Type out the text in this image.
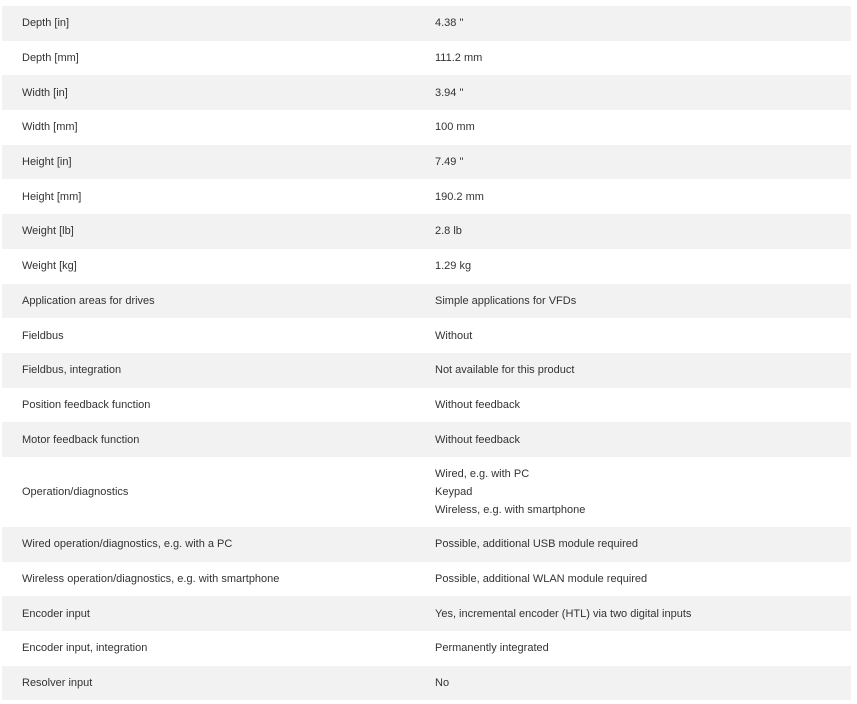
Depth [in]	4.38 "

Depth [mm]	111.2 mm

Width [in]	3.94 "

Width [mm]	100 mm

Height [in]	7.49 "

Height [mm]	190.2 mm

Weight [lb]	2.8 lb

Weight [kg]	1.29 kg

Application areas for drives	Simple applications for VFDs

Fieldbus	Without

Fieldbus, integration	Not available for this product

Position feedback function	Without feedback

Motor feedback function	Without feedback

Operation/diagnostics	Wired, e.g. with PC
Keypad
Wireless, e.g. with smartphone

Wired operation/diagnostics, e.g. with a PC	Possible, additional USB module required

Wireless operation/diagnostics, e.g. with smartphone	Possible, additional WLAN module required

Encoder input	Yes, incremental encoder (HTL) via two digital inputs

Encoder input, integration	Permanently integrated

Resolver input	No
